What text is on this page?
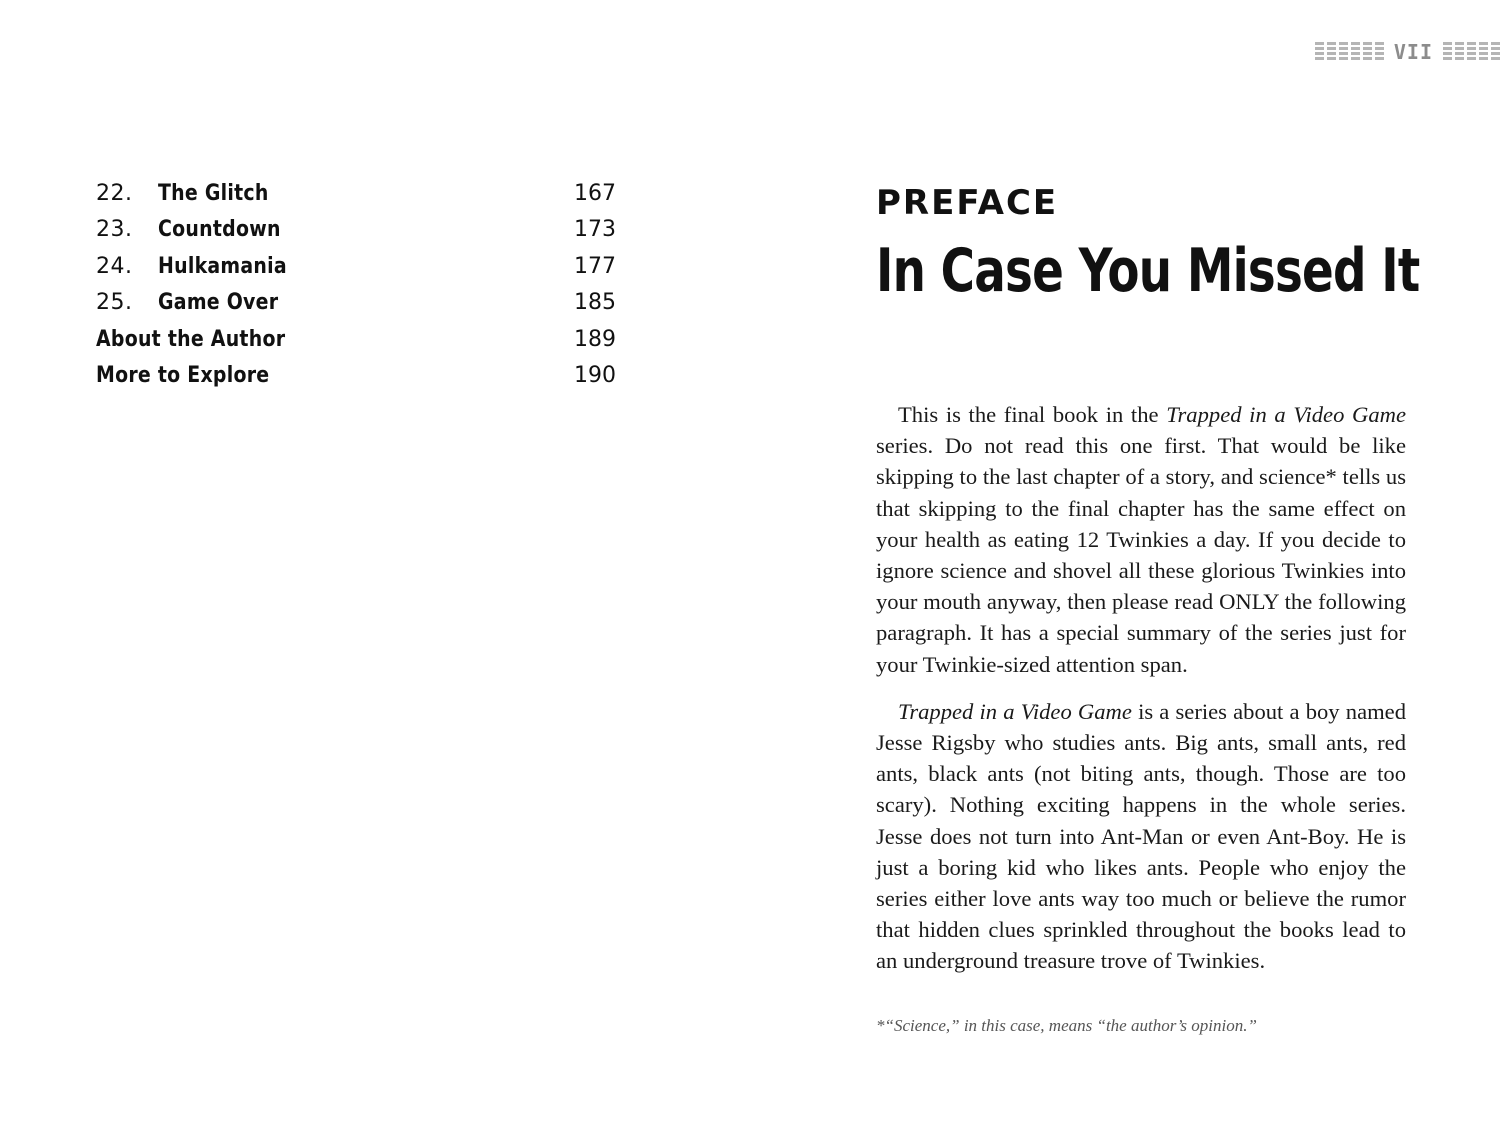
22.	The Glitch	167
23.	Countdown	173
24.	Hulkamania	177
25.	Game Over	185
About the Author	189
More to Explore	190
VII
PREFACE
In Case You Missed It

This is the final book in the Trapped in a Video Game series. Do not read this one first. That would be like skipping to the last chapter of a story, and science* tells us that skipping to the final chapter has the same effect on your health as eating 12 Twinkies a day. If you decide to ignore science and shovel all these glorious Twinkies into your mouth anyway, then please read ONLY the following paragraph. It has a special summary of the series just for your Twinkie-sized attention span.

Trapped in a Video Game is a series about a boy named Jesse Rigsby who studies ants. Big ants, small ants, red ants, black ants (not biting ants, though. Those are too scary). Nothing exciting happens in the whole series. Jesse does not turn into Ant-Man or even Ant-Boy. He is just a boring kid who likes ants. People who enjoy the series either love ants way too much or believe the rumor that hidden clues sprinkled throughout the books lead to an underground treasure trove of Twinkies.

*“Science,” in this case, means “the author’s opinion.”
